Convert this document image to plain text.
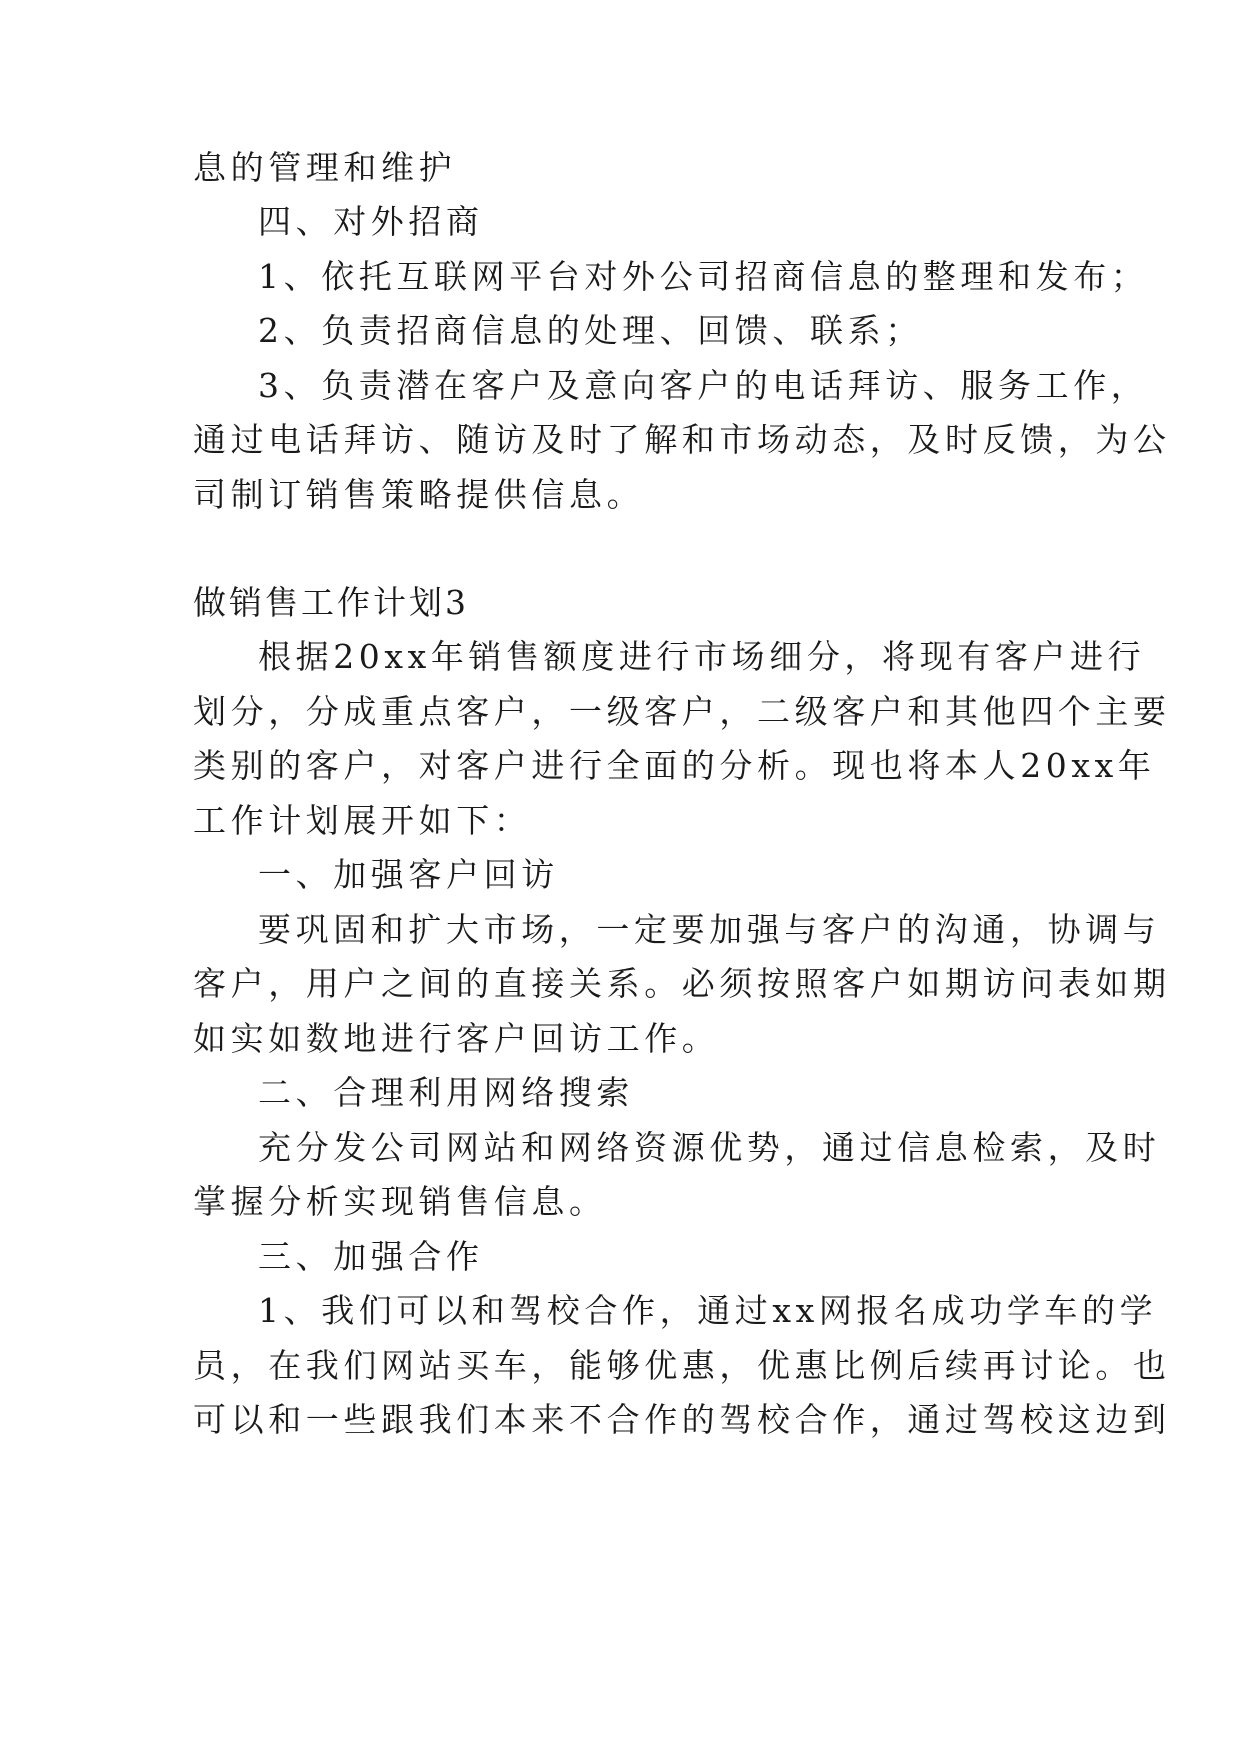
息的管理和维护
四、对外招商
1、依托互联网平台对外公司招商信息的整理和发布；
2、负责招商信息的处理、回馈、联系；
3、负责潜在客户及意向客户的电话拜访、服务工作，
通过电话拜访、随访及时了解和市场动态，及时反馈，为公
司制订销售策略提供信息。
做销售工作计划3
根据20xx年销售额度进行市场细分，将现有客户进行
划分，分成重点客户，一级客户，二级客户和其他四个主要
类别的客户，对客户进行全面的分析。现也将本人20xx年
工作计划展开如下：
一、加强客户回访
要巩固和扩大市场，一定要加强与客户的沟通，协调与
客户，用户之间的直接关系。必须按照客户如期访问表如期
如实如数地进行客户回访工作。
二、合理利用网络搜索
充分发公司网站和网络资源优势，通过信息检索，及时
掌握分析实现销售信息。
三、加强合作
1、我们可以和驾校合作，通过xx网报名成功学车的学
员，在我们网站买车，能够优惠，优惠比例后续再讨论。也
可以和一些跟我们本来不合作的驾校合作，通过驾校这边到
